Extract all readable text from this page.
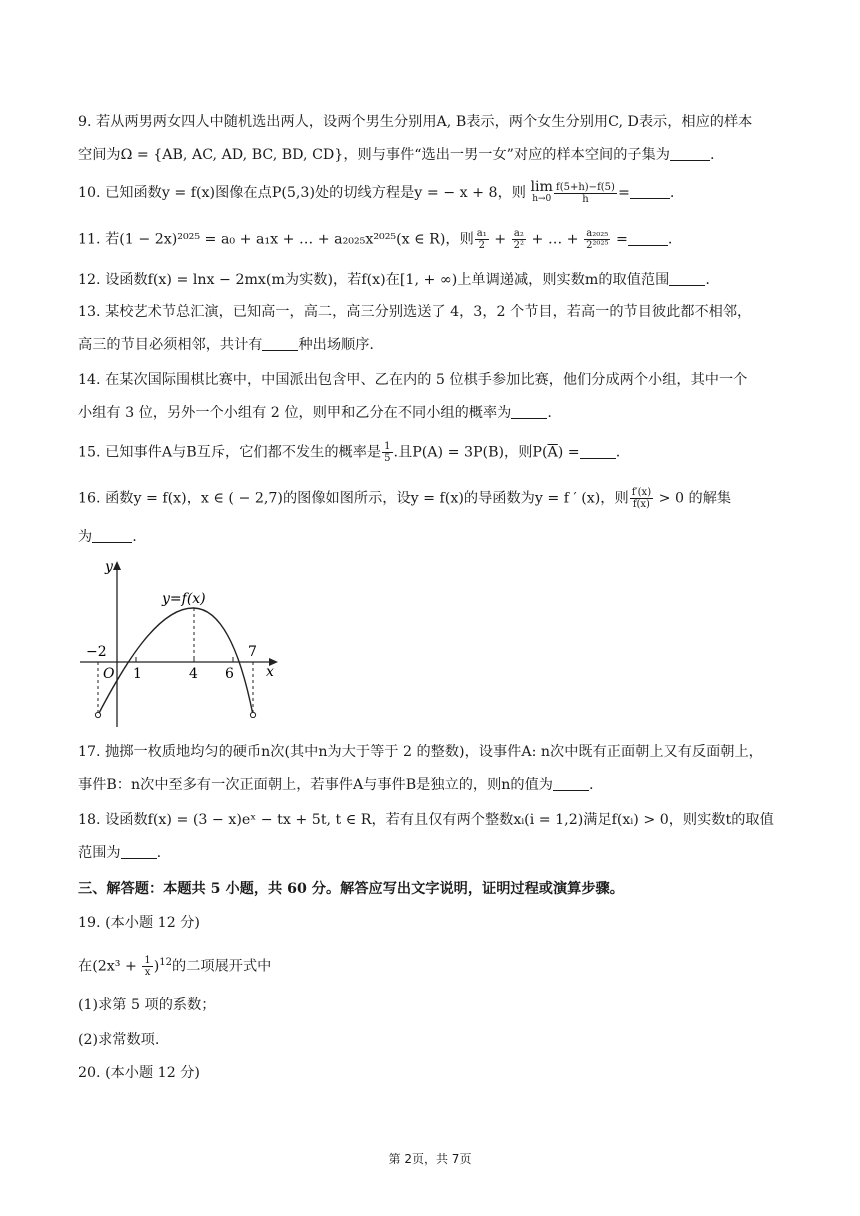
9. 若从两男两女四人中随机选出两人，设两个男生分别用A, B表示，两个女生分别用C, D表示，相应的样本
空间为Ω = {AB, AC, AD, BC, BD, CD}，则与事件“选出一男一女”对应的样本空间的子集为	.
10. 已知函数y = f(x)图像在点P(5,3)处的切线方程是y = − x + 8，则 lim
$h\to 0 \frac{f(5+h)-f(5)}{h}$ =	.
11. 若(1 − 2x)²⁰²⁵ = a₀ + a₁x + … + a₂₀₂₅x²⁰²⁵(x ∈ R)，则 $\frac{\text{a₁}}{2} + \frac{\text{a₂}}{\text{2²}}$ + … + $\frac{\text{a₂₀₂₅}}{\text{2²⁰²⁵}}$ =	.
12. 设函数f(x) = lnx − 2mx(m为实数)，若f(x)在[1, + ∞)上单调递减，则实数m的取值范围	.
13. 某校艺术节总汇演，已知高一，高二，高三分别选送了 4，3，2 个节目，若高一的节目彼此都不相邻，
高三的节目必须相邻，共计有	种出场顺序.
14. 在某次国际围棋比赛中，中国派出包含甲、乙在内的 5 位棋手参加比赛，他们分成两个小组，其中一个
小组有 3 位，另外一个小组有 2 位，则甲和乙分在不同小组的概率为	.
15. 已知事件A与B互斥，它们都不发生的概率是 $\frac{1}{5}$ .且P(A) = 3P(B)，则$P(\overline{A})$ =	.
16. 函数y = f(x)，x ∈ ( − 2,7)的图像如图所示，设y = f(x)的导函数为y = f ′ (x)，则 $\frac{f'(x)}{f(x)} > 0$ 的解集
为	.
y
x
y=f(x)
O
−2
1	4 6
7
17. 抛掷一枚质地均匀的硬币n次(其中n为大于等于 2 的整数)，设事件A: n次中既有正面朝上又有反面朝上，
事件B：n次中至多有一次正面朝上，若事件A与事件B是独立的，则n的值为	.
18. 设函数f(x) = (3 − x)eˣ − tx + 5t, t ∈ R，若有且仅有两个整数xᵢ(i = 1,2)满足f(xᵢ) > 0，则实数t的取值
范围为	.
三、解答题：本题共 5 小题，共 60 分。解答应写出文字说明，证明过程或演算步骤。
19. (本小题 12 分)
在$(2x^3 + \frac{1}{x} )^{12}$的二项展开式中
(1)求第 5 项的系数；
(2)求常数项.
20. (本小题 12 分)
第 2页，共 7页
